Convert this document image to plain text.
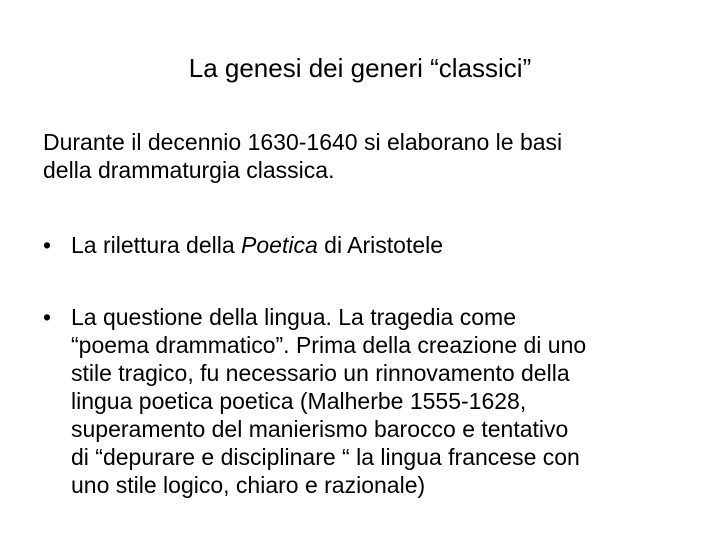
La genesi dei generi “classici”
Durante il decennio 1630-1640 si elaborano le basi
della drammaturgia classica.
• La rilettura della Poetica di Aristotele
• La questione della lingua. La tragedia come
“poema drammatico”. Prima della creazione di uno
stile tragico, fu necessario un rinnovamento della
lingua poetica poetica (Malherbe 1555-1628,
superamento del manierismo barocco e tentativo
di “depurare e disciplinare “ la lingua francese con
uno stile logico, chiaro e razionale)
